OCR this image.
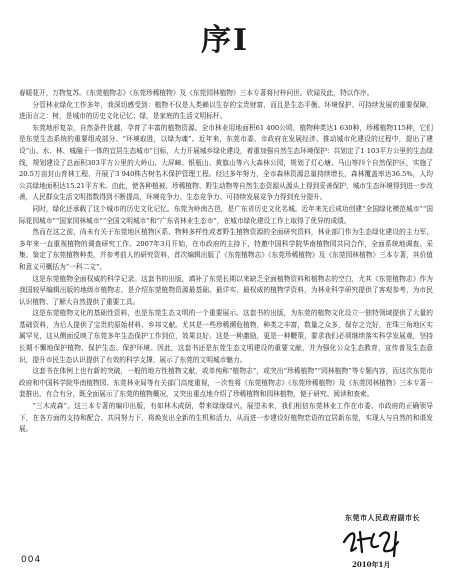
序I

春暖花开，万物复苏。《东莞植物志》《东莞珍稀植物》及《东莞园林植物》三本专著将付梓问世。欣闻及此，特以作序。

分管林业绿化工作多年，我深切感受到：植物不仅是人类赖以生存的宝贵财富，而且是生态平衡、环境保护、可持续发展的重要保障，进而言之：树，是城市的历史文化记忆；绿，是家庭的生活文明标杆。

东莞地形复杂，自然条件优越，孕育了丰富的植物资源。全市林业用地面积61 400公顷，植物种类达1 630种，珍稀植物115种，它们是东莞生态系统的重要组成部分。“环境取胜，以绿为魂”。近年来，东莞市委、市政府在发展经济、推动城市化建设的过程中，提出了建设“山、水、林、城融于一体的宜居生态城市”目标，大力开展城乡绿化建设，着重加强自然生态环境保护：共划定了1 103平方公里的生态绿线，规划建设了总面积303平方公里的大岭山、大屏嶂、银瓶山、黄旗山等六大森林公园，规划了灯心塘、马山等四个自然保护区，实施了20.5万亩封山育林工程，开展了3 940株古树名木保护管理工程。经过多年努力，全市森林资源总量持续增长，森林覆盖率达36.5%，人均公共绿地面积达15.21平方米。由此，使各种植被、珍稀植物、野生动物等自然生态资源从源头上得到妥善保护，城市生态环境得到进一步改善，人民群众生活文明指数得到不断提高，环境竞争力、生态竞争力、可持续发展竞争力得到充分提升。

同时，绿化还承载了这个城市的历史文化记忆。东莞为岭南古邑，是广东省历史文化名城。近年来先后成功创建“全国绿化模范城市”“国际花园城市”“国家园林城市”“全国文明城市”和“广东省林业生态市”，在城市绿化建设工作上取得了优异的成绩。

然而在这之前，尚未有关于东莞地区植物区系、物种多样性或者野生植物资源的全面研究资料，林业部门作为生态绿化建设的主力军，多年来一直重视植物的调查研究工作。2007年3月开始，在市政府的主持下，特邀中国科学院华南植物园共同合作，全面系统地调查、采集、鉴定了东莞植物种类，并参考前人的研究资料，首次编辑出版了《东莞植物志》《东莞珍稀植物》及《东莞园林植物》三本专著，其价值和意义可概括为“一科二文”。

这是东莞植物全面权威的科学记录。这套书的出版，填补了东莞长期以来缺乏全面植物资料和植物志的空白，尤其《东莞植物志》作为我国较早编辑出版的地级市植物志，是介绍东莞植物资源最基础、最详实、最权威的植物学资料，为林业科学研究提供了客观参考，为市民认识植物、了解大自然提供了重要工具。

这是东莞植物文化的基础性资料，也是东莞生态文明的一个重要展示。这套书的出版，为东莞的植物文化设立一独特领域提供了大量的基础资料，为后人提供了宝贵的原始材料、乡邦文献。尤其是一些珍稀濒危植物，种类之丰富，数量之众多，保存之完好，在珠三角地区实属罕见，这从侧面反映了东莞多年生态保护工作到位，效果良好。这是一种激励，更是一种鞭策，要求我们必须继续落实科学发展观，坚持长期不懈地保护植物、保护生态、保护环境。因此，这套书还是东莞生态文明建设的重要文献，并为强化公众生态教育，宣传普及生态意识，提升市民生态认识提供了有效的科学支撑，展示了东莞的文明城市魅力。

这套书在体例上也有新的突破，一般的地方性植物文献，或单纯称“植物志”，或突出“珍稀植物”“园林植物”等专题内容，而这次东莞市政府和中国科学院华南植物园、东莞林业局等有关部门高度重视，一次性将《东莞植物志》《东莞珍稀植物》及《东莞园林植物》三本专著一套推出，有合有分，既全面展示了东莞的植物概况，又突出重点地介绍了珍稀植物和园林植物，便于研究、阅读和查索。

“三木成森”。这三本专著的编印出版，有如林木成荫，带来绿缘绿兴。展望未来，我们相信东莞林业工作在市委、市政府的正确领导下，在各方面的支持和配合、共同努力下，将焕发出全新的生机和活力，从而进一步建设好植物恋语的宜居新东莞，实现人与自然的和谐发展。

东莞市人民政府副市长
2010年1月
004
